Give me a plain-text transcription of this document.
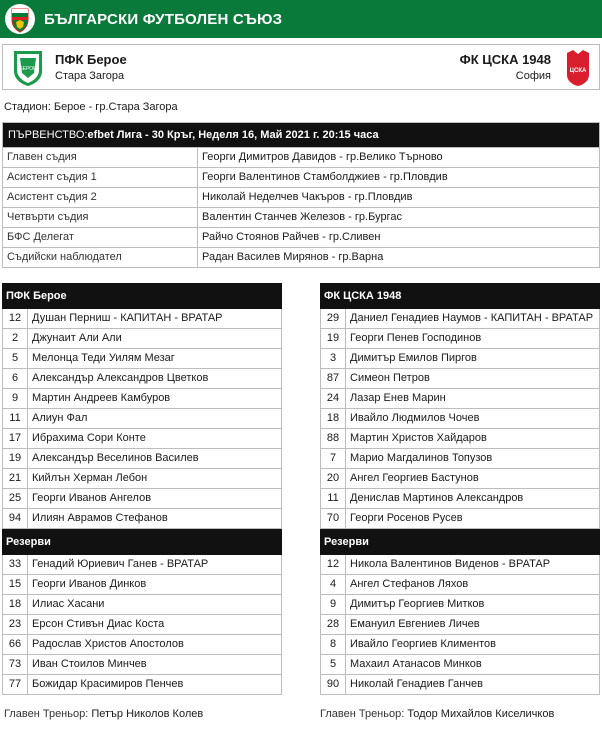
БЪЛГАРСКИ ФУТБОЛЕН СЪЮЗ
БЕРОЕ
ПФК Берое
Стара Загора
ФК ЦСКА 1948
София	ЦСКА
Стадион: Берое - гр.Стара Загора
ПЪРВЕНСТВО: efbet Лига - 30 Кръг, Неделя 16, Май 2021 г. 20:15 часа
Главен съдия	Георги Димитров Давидов - гр.Велико Търново
Асистент съдия 1	Георги Валентинов Стамболджиев - гр.Пловдив
Асистент съдия 2	Николай Неделчев Чакъров - гр.Пловдив
Четвърти съдия	Валентин Станчев Железов - гр.Бургас
БФС Делегат	Райчо Стоянов Райчев - гр.Сливен
Съдийски наблюдател	Радан Василев Мирянов - гр.Варна
ПФК Берое
12 Душан Перниш - КАПИТАН - ВРАТАР
2	Джунаит Али Али
5	Мелонца Теди Уилям Мезаг
6	Александър Александров Цветков
9	Мартин Андреев Камбуров
11	Алиун Фал
17 Ибрахима Сори Конте
19 Александър Веселинов Василев
21 Кийлън Херман Лебон
25 Георги Иванов Ангелов
94 Илиян Аврамов Стефанов
Резерви
33 Генадий Юриевич Ганев - ВРАТАР
15 Георги Иванов Динков
18 Илиас Хасани
23 Ерсон Стивън Диас Коста
66 Радослав Христов Апостолов
73 Иван Стоилов Минчев
77 Божидар Красимиров Пенчев
ФК ЦСКА 1948
29 Даниел Генадиев Наумов - КАПИТАН - ВРАТАР
19 Георги Пенев Господинов
3	Димитър Емилов Пиргов
87 Симеон Петров
24 Лазар Енев Марин
18 Ивайло Людмилов Чочев
88 Мартин Христов Хайдаров
7	Марио Магдалинов Топузов
20 Ангел Георгиев Бастунов
11	Денислав Мартинов Александров
70 Георги Росенов Русев
Резерви
12 Никола Валентинов Виденов - ВРАТАР
4	Ангел Стефанов Ляхов
9	Димитър Георгиев Митков
28 Емануил Евгениев Личев
8	Ивайло Георгиев Климентов
5	Махаил Атанасов Минков
90 Николай Генадиев Ганчев
Главен Треньор: Петър Николов Колев	Главен Треньор: Тодор Михайлов Киселичков
